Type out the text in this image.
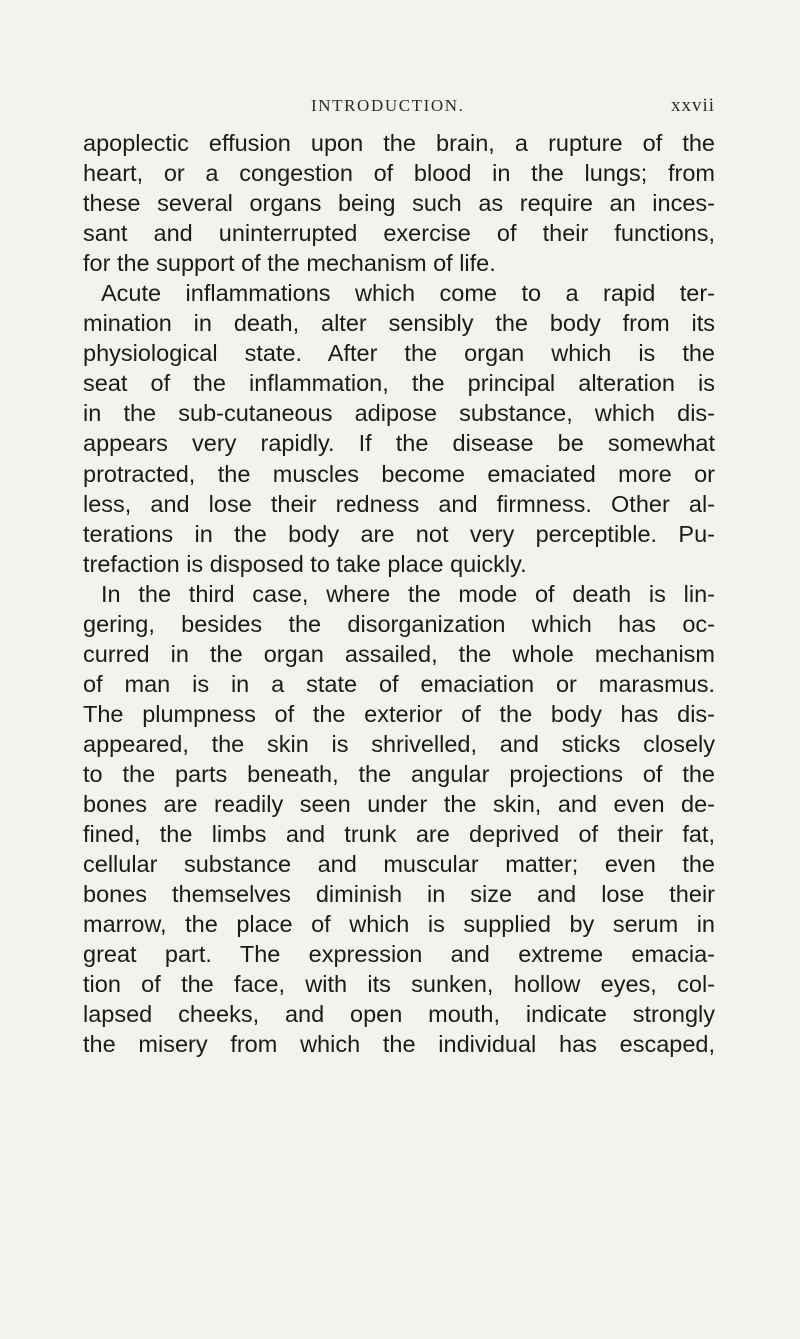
INTRODUCTION.	xxvii
apoplectic effusion upon the brain, a rupture of the
heart, or a congestion of blood in the lungs; from
these several organs being such as require an inces-
sant and uninterrupted exercise of their functions,
for the support of the mechanism of life.
Acute inflammations which come to a rapid ter-
mination in death, alter sensibly the body from its
physiological state. After the organ which is the
seat of the inflammation, the principal alteration is
in the sub-cutaneous adipose substance, which dis-
appears very rapidly. If the disease be somewhat
protracted, the muscles become emaciated more or
less, and lose their redness and firmness. Other al-
terations in the body are not very perceptible. Pu-
trefaction is disposed to take place quickly.
In the third case, where the mode of death is lin-
gering, besides the disorganization which has oc-
curred in the organ assailed, the whole mechanism
of man is in a state of emaciation or marasmus.
The plumpness of the exterior of the body has dis-
appeared, the skin is shrivelled, and sticks closely
to the parts beneath, the angular projections of the
bones are readily seen under the skin, and even de-
fined, the limbs and trunk are deprived of their fat,
cellular substance and muscular matter; even the
bones themselves diminish in size and lose their
marrow, the place of which is supplied by serum in
great part. The expression and extreme emacia-
tion of the face, with its sunken, hollow eyes, col-
lapsed cheeks, and open mouth, indicate strongly
the misery from which the individual has escaped,
